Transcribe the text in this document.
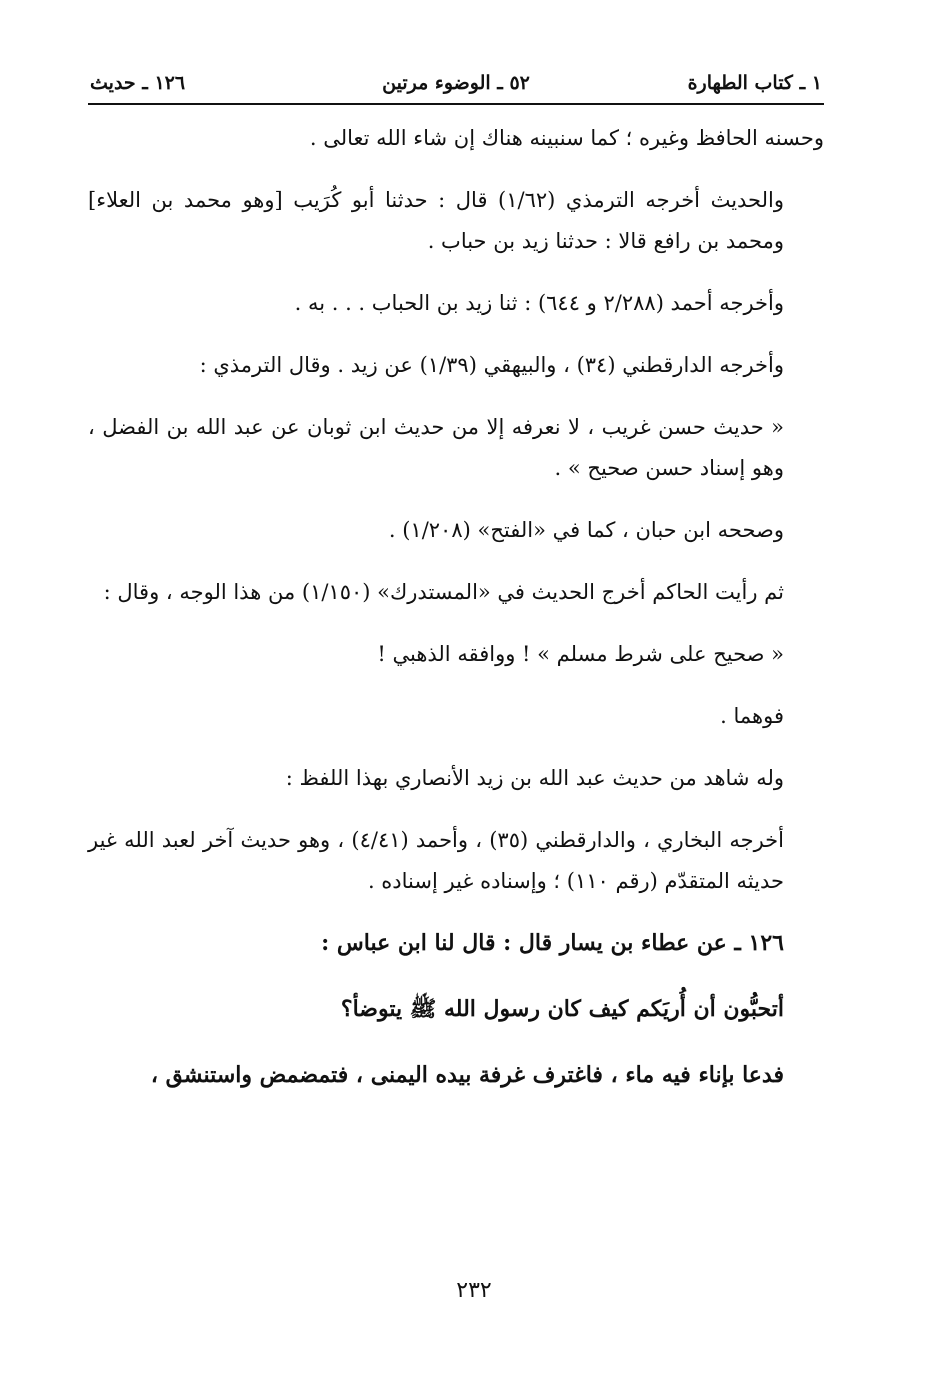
١ ـ كتاب الطهارة
٥٢ ـ الوضوء مرتين
١٢٦ ـ حديث

وحسنه الحافظ وغيره ؛ كما سنبينه هناك إن شاء الله تعالى .

والحديث أخرجه الترمذي (١/٦٢) قال : حدثنا أبو كُرَيب [وهو محمد بن العلاء] ومحمد بن رافع قالا : حدثنا زيد بن حباب .

وأخرجه أحمد (٢/٢٨٨ و ٦٤٤) : ثنا زيد بن الحباب . . . به .

وأخرجه الدارقطني (٣٤) ، والبيهقي (١/٣٩) عن زيد . وقال الترمذي :

« حديث حسن غريب ، لا نعرفه إلا من حديث ابن ثوبان عن عبد الله بن الفضل ، وهو إسناد حسن صحيح » .

وصححه ابن حبان ، كما في «الفتح» (١/٢٠٨) .

ثم رأيت الحاكم أخرج الحديث في «المستدرك» (١/١٥٠) من هذا الوجه ، وقال :

« صحيح على شرط مسلم » ! ووافقه الذهبي !

فوهما .

وله شاهد من حديث عبد الله بن زيد الأنصاري بهذا اللفظ :

أخرجه البخاري ، والدارقطني (٣٥) ، وأحمد (٤/٤١) ، وهو حديث آخر لعبد الله غير حديثه المتقدّم (رقم ١١٠) ؛ وإسناده غير إسناده .

١٢٦ ـ عن عطاء بن يسار قال : قال لنا ابن عباس :

أتحبُّون أن أُريَكم كيف كان رسول الله ﷺ يتوضأ؟

فدعا بإناء فيه ماء ، فاغترف غرفة بيده اليمنى ، فتمضمض واستنشق ،

٢٣٢
